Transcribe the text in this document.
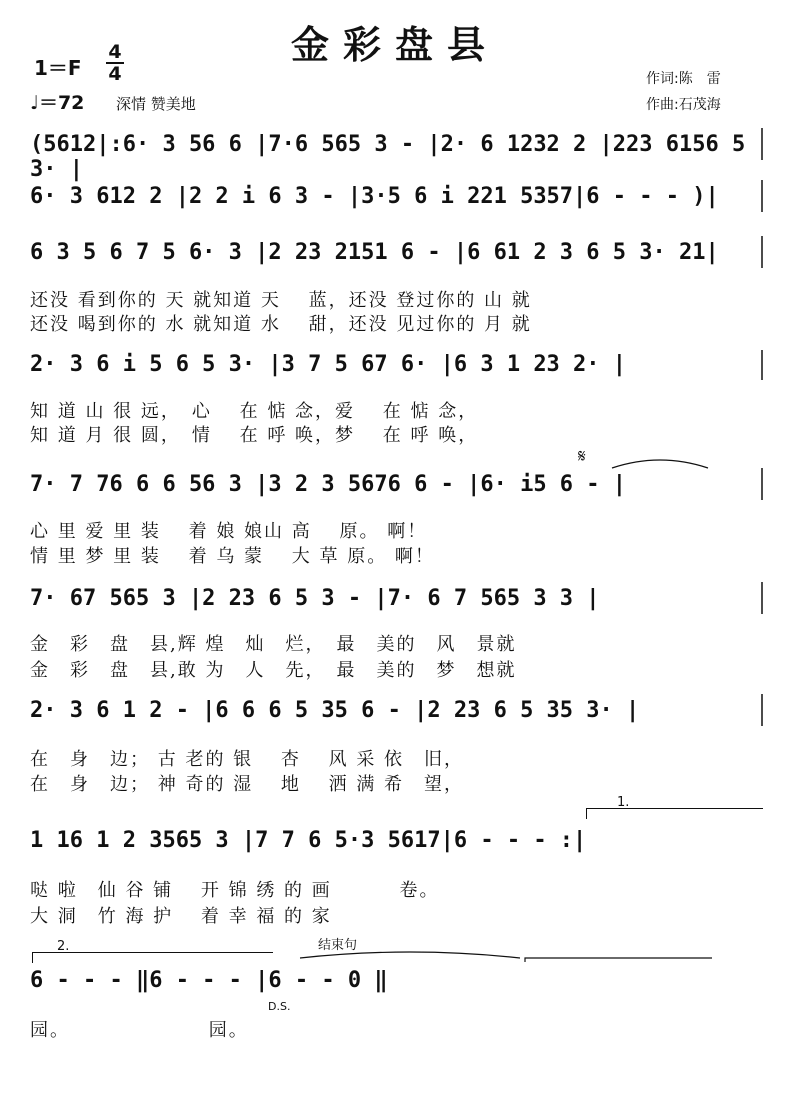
金彩盘县
1＝F
4
4
♩＝72 深情 赞美地
作词:陈　雷
作曲:石茂海
(5612|:6· 3 56 6 |7·6 565 3 - |2· 6 1232 2 |223 6156 5 3· |
6· 3 612 2 |2 2 i 6 3 - |3·5 6 i 221 5357|6 - - - )|
6 3 5 6 7 5 6· 3 |2 23 2151 6 - |6 61 2 3 6 5 3· 21|
还没 看到你的 天 就知道 天　 蓝，还没 登过你的 山 就
还没 喝到你的 水 就知道 水　 甜，还没 见过你的 月 就
2· 3 6 i 5 6 5 3· |3 7 5 67 6· |6 3 1 23 2· |
知 道 山 很 远，　心　 在 惦 念，爱　 在 惦 念，
知 道 月 很 圆，　情　 在 呼 唤，梦　 在 呼 唤，
7· 7 76 6 6 56 3 |3 2 3 5676 6 - |6· i5 6 - |
心 里 爱 里 装　 着 娘 娘山 高　 原。 啊！
情 里 梦 里 装　 着 乌 蒙　 大 草 原。 啊！
7· 67 565 3 |2 23 6 5 3 - |7· 6 7 565 3 3 |
金　彩　盘　县,辉 煌　灿　烂，　最　美的　风　景就
金　彩　盘　县,敢 为　人　先，　最　美的　梦　想就
2· 3 6 1 2 - |6 6 6 5 35 6 - |2 23 6 5 35 3· |
在　身　边； 古 老的 银　 杏　 风 采 依　旧，
在　身　边； 神 奇的 湿　 地　 洒 满 希　望，
1.
1 16 1 2 3565 3 |7 7 6 5·3 5617|6 - - - :|
哒 啦　仙 谷 铺　 开 锦 绣 的 画　　　 卷。
大 洞　竹 海 护　 着 幸 福 的 家
2.	结束句
6 - - - ‖6 - - - |6 - - 0 ‖
D.S.
园。　　　　　　　 园。
𝄋
